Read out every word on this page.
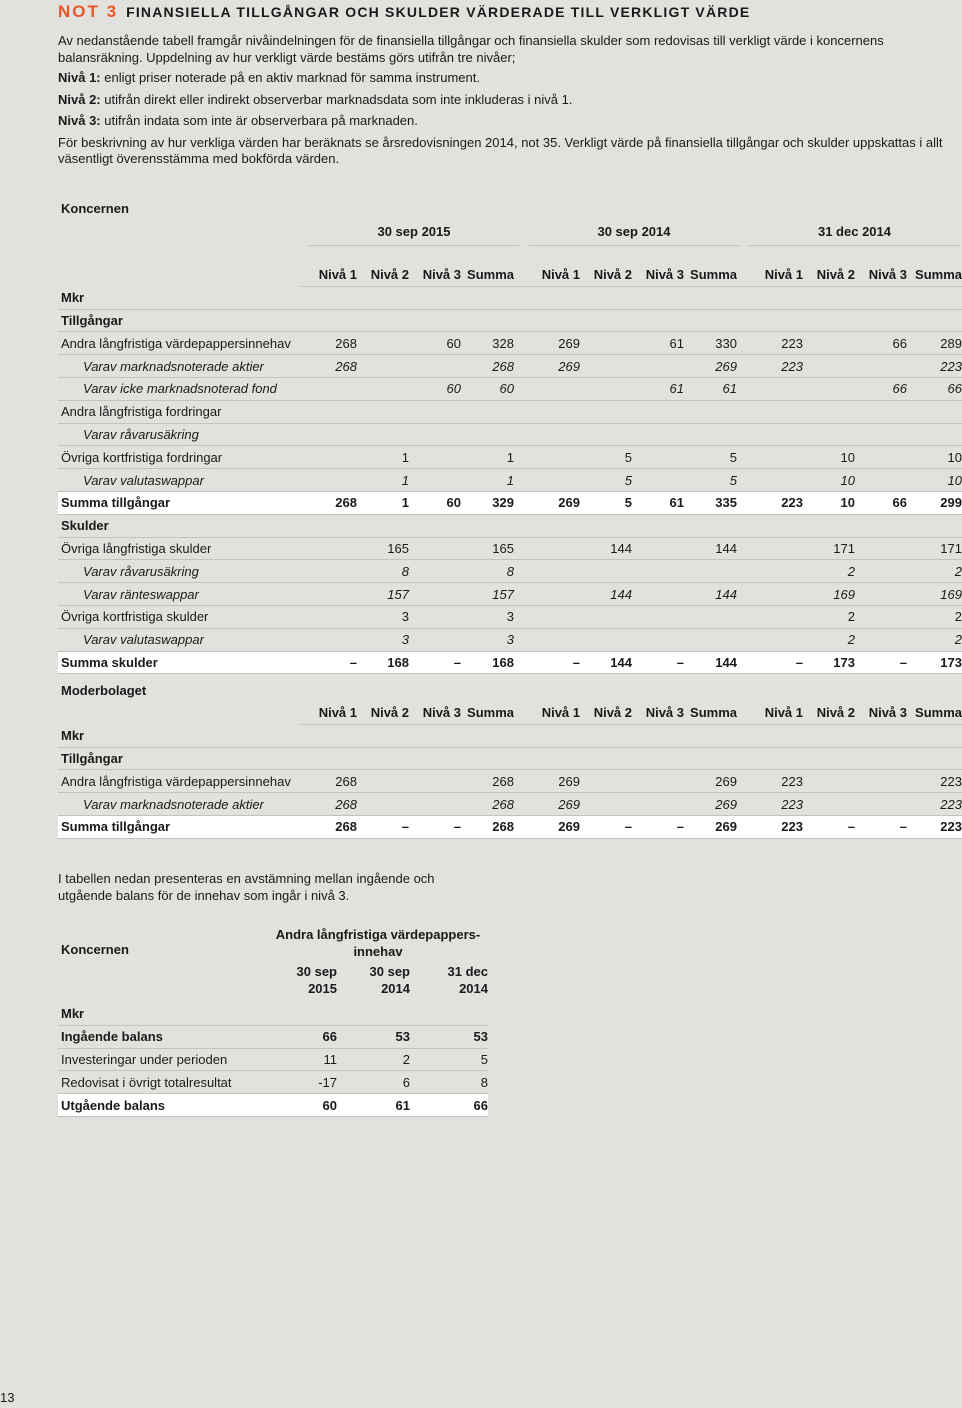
NOT 3 FINANSIELLA TILLGÅNGAR OCH SKULDER VÄRDERADE TILL VERKLIGT VÄRDE

Av nedanstående tabell framgår nivåindelningen för de finansiella tillgångar och finansiella skulder som redovisas till verkligt värde i koncernens balansräkning. Uppdelning av hur verkligt värde bestäms görs utifrån tre nivåer;

Nivå 1: enligt priser noterade på en aktiv marknad för samma instrument.

Nivå 2: utifrån direkt eller indirekt observerbar marknadsdata som inte inkluderas i nivå 1.

Nivå 3: utifrån indata som inte är observerbara på marknaden.

För beskrivning av hur verkliga värden har beräknats se årsredovisningen 2014, not 35. Verkligt värde på finansiella tillgångar och skulder uppskattas i allt väsentligt överensstämma med bokförda värden.

Koncernen
30 sep 2015	30 sep 2014	31 dec 2014
	Nivå 1	Nivå 2	Nivå 3	Summa		Nivå 1	Nivå 2	Nivå 3	Summa		Nivå 1	Nivå 2	Nivå 3	Summa
Mkr														
Tillgångar														
Andra långfristiga värdepappersinnehav	268		60	328		269		61	330		223		66	289
Varav marknadsnoterade aktier	268			268		269			269		223			223
Varav icke marknadsnoterad fond			60	60				61	61				66	66
Andra långfristiga fordringar														
Varav råvarusäkring														
Övriga kortfristiga fordringar		1		1			5		5			10		10
Varav valutaswappar		1		1			5		5			10		10
Summa tillgångar	268	1	60	329		269	5	61	335		223	10	66	299
Skulder														
Övriga långfristiga skulder		165		165			144		144			171		171
Varav råvarusäkring		8		8								2		2
Varav ränteswappar		157		157			144		144			169		169
Övriga kortfristiga skulder		3		3								2		2
Varav valutaswappar		3		3								2		2
Summa skulder	–	168	–	168		–	144	–	144		–	173	–	173
Moderbolaget
	Nivå 1	Nivå 2	Nivå 3	Summa		Nivå 1	Nivå 2	Nivå 3	Summa		Nivå 1	Nivå 2	Nivå 3	Summa
Mkr														
Tillgångar														
Andra långfristiga värdepappersinnehav	268			268		269			269		223			223
Varav marknadsnoterade aktier	268			268		269			269		223			223
Summa tillgångar	268	–	–	268		269	–	–	269		223	–	–	223
I tabellen nedan presenteras en avstämning mellan ingående och utgående balans för de innehav som ingår i nivå 3.
Koncernen
Andra långfristiga värdepappers-innehav
	30 sep	30 sep	31 dec
	2015	2014	2014

Mkr			
Ingående balans	66	53	53
Investeringar under perioden	11	2	5
Redovisat i övrigt totalresultat	-17	6	8
Utgående balans	60	61	66
13
